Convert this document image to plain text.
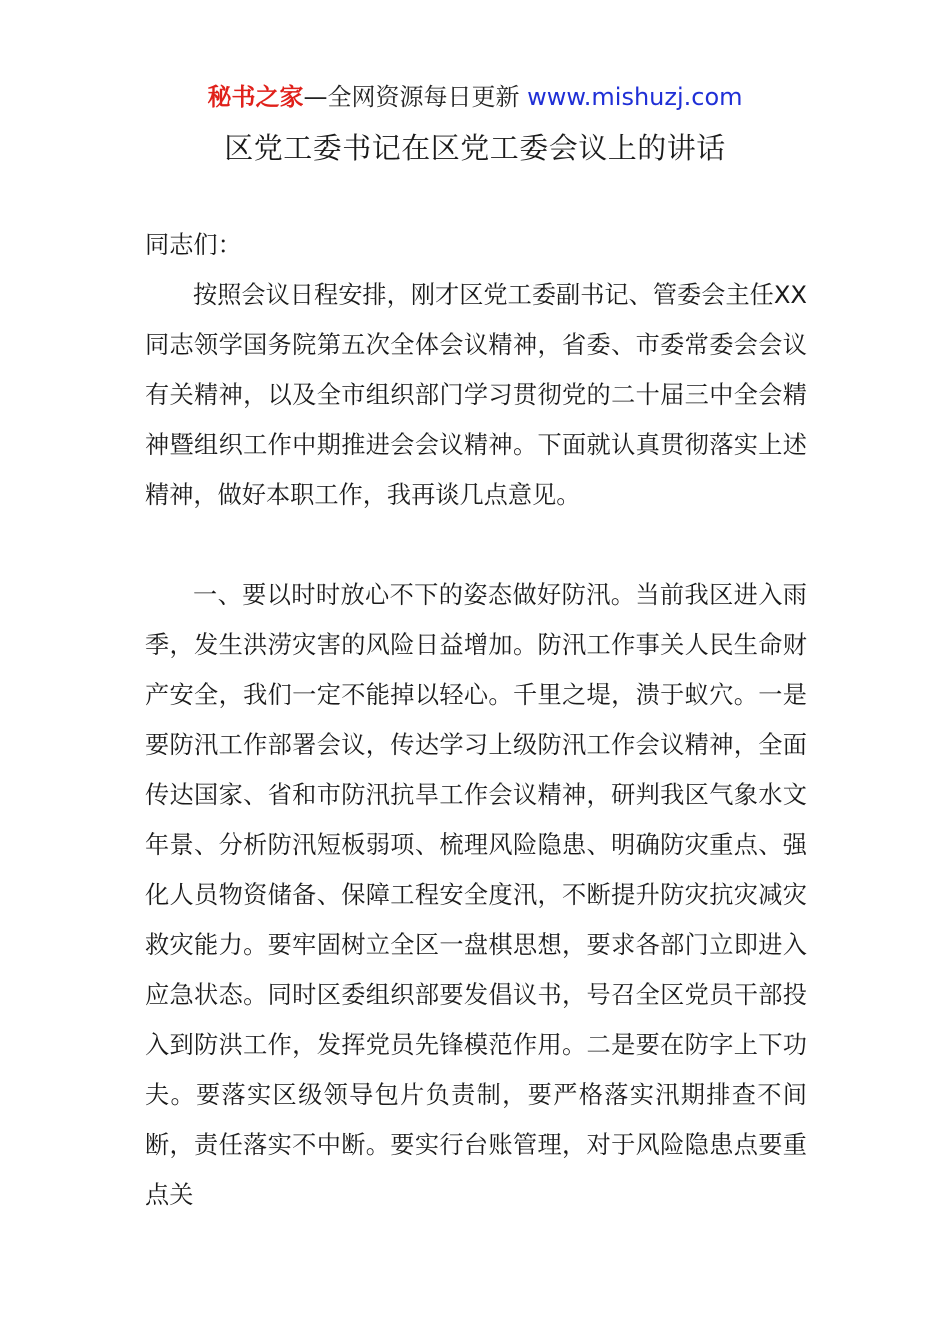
秘书之家—全网资源每日更新 www.mishuzj.com
区党工委书记在区党工委会议上的讲话
同志们：

按照会议日程安排，刚才区党工委副书记、管委会主任XX同志领学国务院第五次全体会议精神，省委、市委常委会会议有关精神，以及全市组织部门学习贯彻党的二十届三中全会精神暨组织工作中期推进会会议精神。下面就认真贯彻落实上述精神，做好本职工作，我再谈几点意见。

一、要以时时放心不下的姿态做好防汛。当前我区进入雨季，发生洪涝灾害的风险日益增加。防汛工作事关人民生命财产安全，我们一定不能掉以轻心。千里之堤，溃于蚁穴。一是要防汛工作部署会议，传达学习上级防汛工作会议精神，全面传达国家、省和市防汛抗旱工作会议精神，研判我区气象水文年景、分析防汛短板弱项、梳理风险隐患、明确防灾重点、强化人员物资储备、保障工程安全度汛，不断提升防灾抗灾减灾救灾能力。要牢固树立全区一盘棋思想，要求各部门立即进入应急状态。同时区委组织部要发倡议书，号召全区党员干部投入到防洪工作，发挥党员先锋模范作用。二是要在防字上下功夫。要落实区级领导包片负责制，要严格落实汛期排查不间断，责任落实不中断。要实行台账管理，对于风险隐患点要重点关
